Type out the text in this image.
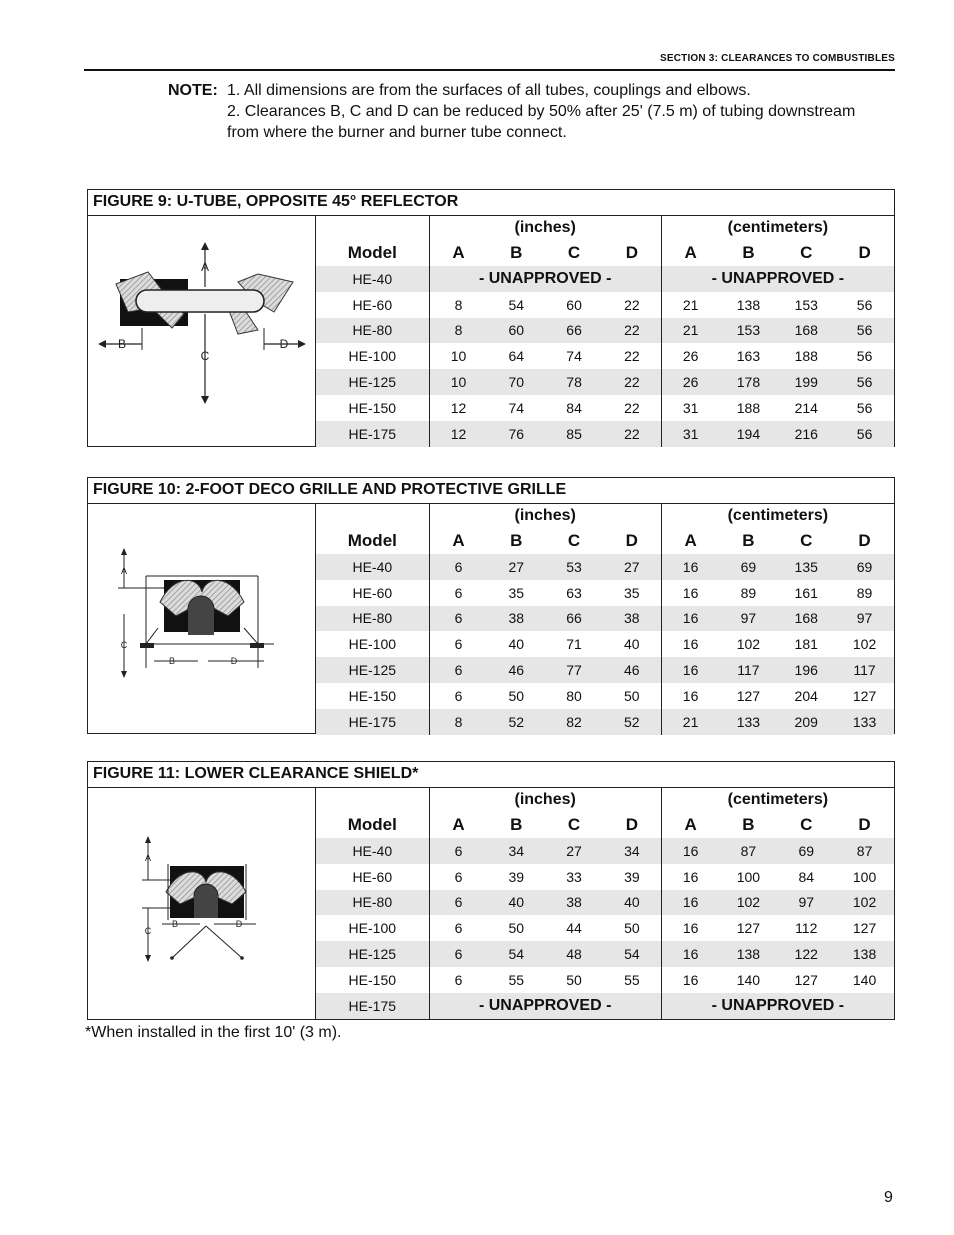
SECTION 3: CLEARANCES TO COMBUSTIBLES
NOTE: 1. All dimensions are from the surfaces of all tubes, couplings and elbows.
2. Clearances B, C and D can be reduced by 50% after 25' (7.5 m) of tubing downstream
from where the burner and burner tube connect.
FIGURE 9: U-TUBE, OPPOSITE 45° REFLECTOR
A
C
B	D
	(inches)				(centimeters)			
Model	A	B	C	D	A	B	C	D
HE-40	- UNAPPROVED -				- UNAPPROVED -			
HE-60	8	54	60	22	21	138	153	56
HE-80	8	60	66	22	21	153	168	56
HE-100	10	64	74	22	26	163	188	56
HE-125	10	70	78	22	26	178	199	56
HE-150	12	74	84	22	31	188	214	56
HE-175	12	76	85	22	31	194	216	56
FIGURE 10: 2-FOOT DECO GRILLE AND PROTECTIVE GRILLE
A
C
B	D
	(inches)				(centimeters)			
Model	A	B	C	D	A	B	C	D
HE-40	6	27	53	27	16	69	135	69
HE-60	6	35	63	35	16	89	161	89
HE-80	6	38	66	38	16	97	168	97
HE-100	6	40	71	40	16	102	181	102
HE-125	6	46	77	46	16	117	196	117
HE-150	6	50	80	50	16	127	204	127
HE-175	8	52	82	52	21	133	209	133
FIGURE 11: LOWER CLEARANCE SHIELD*
A
C
B	D
	(inches)				(centimeters)			
Model	A	B	C	D	A	B	C	D
HE-40	6	34	27	34	16	87	69	87
HE-60	6	39	33	39	16	100	84	100
HE-80	6	40	38	40	16	102	97	102
HE-100	6	50	44	50	16	127	112	127
HE-125	6	54	48	54	16	138	122	138
HE-150	6	55	50	55	16	140	127	140
HE-175	- UNAPPROVED -				- UNAPPROVED -			
*When installed in the first 10' (3 m).
9
